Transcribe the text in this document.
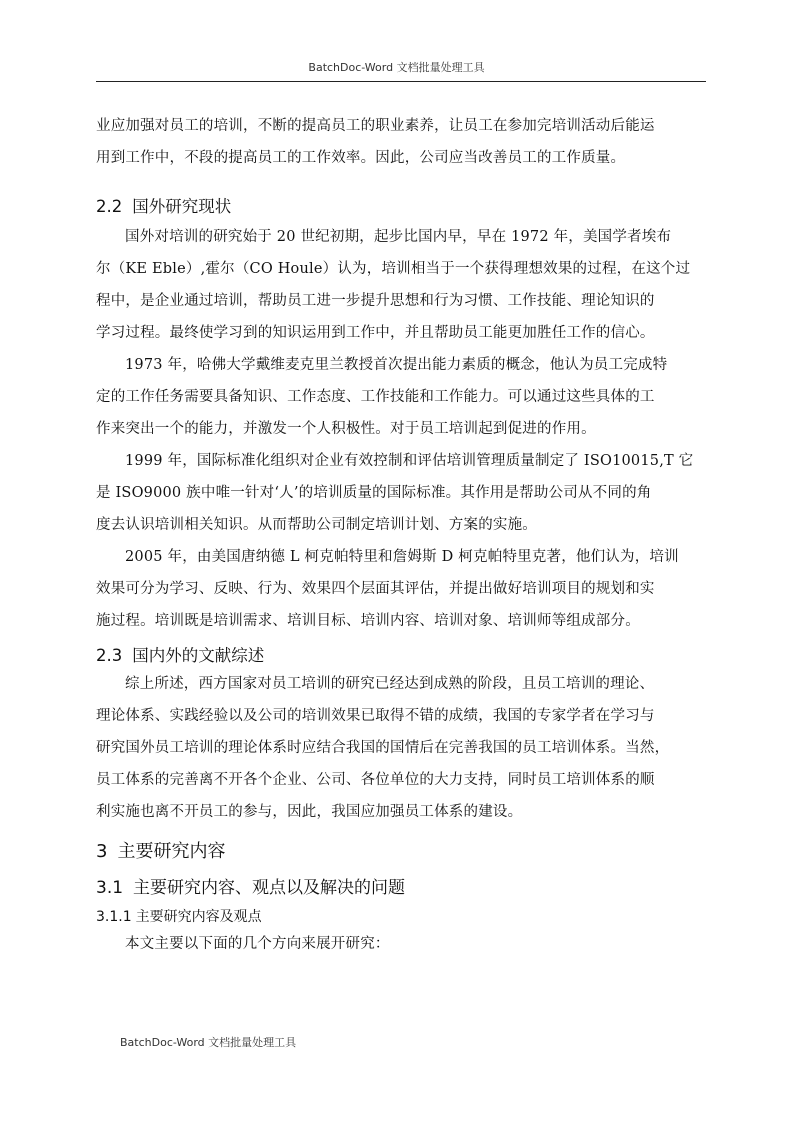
BatchDoc-Word 文档批量处理工具

业应加强对员工的培训，不断的提高员工的职业素养，让员工在参加完培训活动后能运

用到工作中，不段的提高员工的工作效率。因此，公司应当改善员工的工作质量。

2.2 国外研究现状

国外对培训的研究始于 20 世纪初期，起步比国内早，早在 1972 年，美国学者埃布

尔（KE Eble）,霍尔（CO Houle）认为，培训相当于一个获得理想效果的过程，在这个过

程中，是企业通过培训，帮助员工进一步提升思想和行为习惯、工作技能、理论知识的

学习过程。最终使学习到的知识运用到工作中，并且帮助员工能更加胜任工作的信心。

1973 年，哈佛大学戴维麦克里兰教授首次提出能力素质的概念，他认为员工完成特

定的工作任务需要具备知识、工作态度、工作技能和工作能力。可以通过这些具体的工

作来突出一个的能力，并激发一个人积极性。对于员工培训起到促进的作用。

1999 年，国际标准化组织对企业有效控制和评估培训管理质量制定了 ISO10015,T 它

是 ISO9000 族中唯一针对‘人’的培训质量的国际标准。其作用是帮助公司从不同的角

度去认识培训相关知识。从而帮助公司制定培训计划、方案的实施。

2005 年，由美国唐纳德 L 柯克帕特里和詹姆斯 D 柯克帕特里克著，他们认为，培训

效果可分为学习、反映、行为、效果四个层面其评估，并提出做好培训项目的规划和实

施过程。培训既是培训需求、培训目标、培训内容、培训对象、培训师等组成部分。

2.3 国内外的文献综述

综上所述，西方国家对员工培训的研究已经达到成熟的阶段，且员工培训的理论、

理论体系、实践经验以及公司的培训效果已取得不错的成绩，我国的专家学者在学习与

研究国外员工培训的理论体系时应结合我国的国情后在完善我国的员工培训体系。当然，

员工体系的完善离不开各个企业、公司、各位单位的大力支持，同时员工培训体系的顺

利实施也离不开员工的参与，因此，我国应加强员工体系的建设。

3 主要研究内容
3.1 主要研究内容、观点以及解决的问题
3.1.1 主要研究内容及观点

本文主要以下面的几个方向来展开研究：

BatchDoc-Word 文档批量处理工具
